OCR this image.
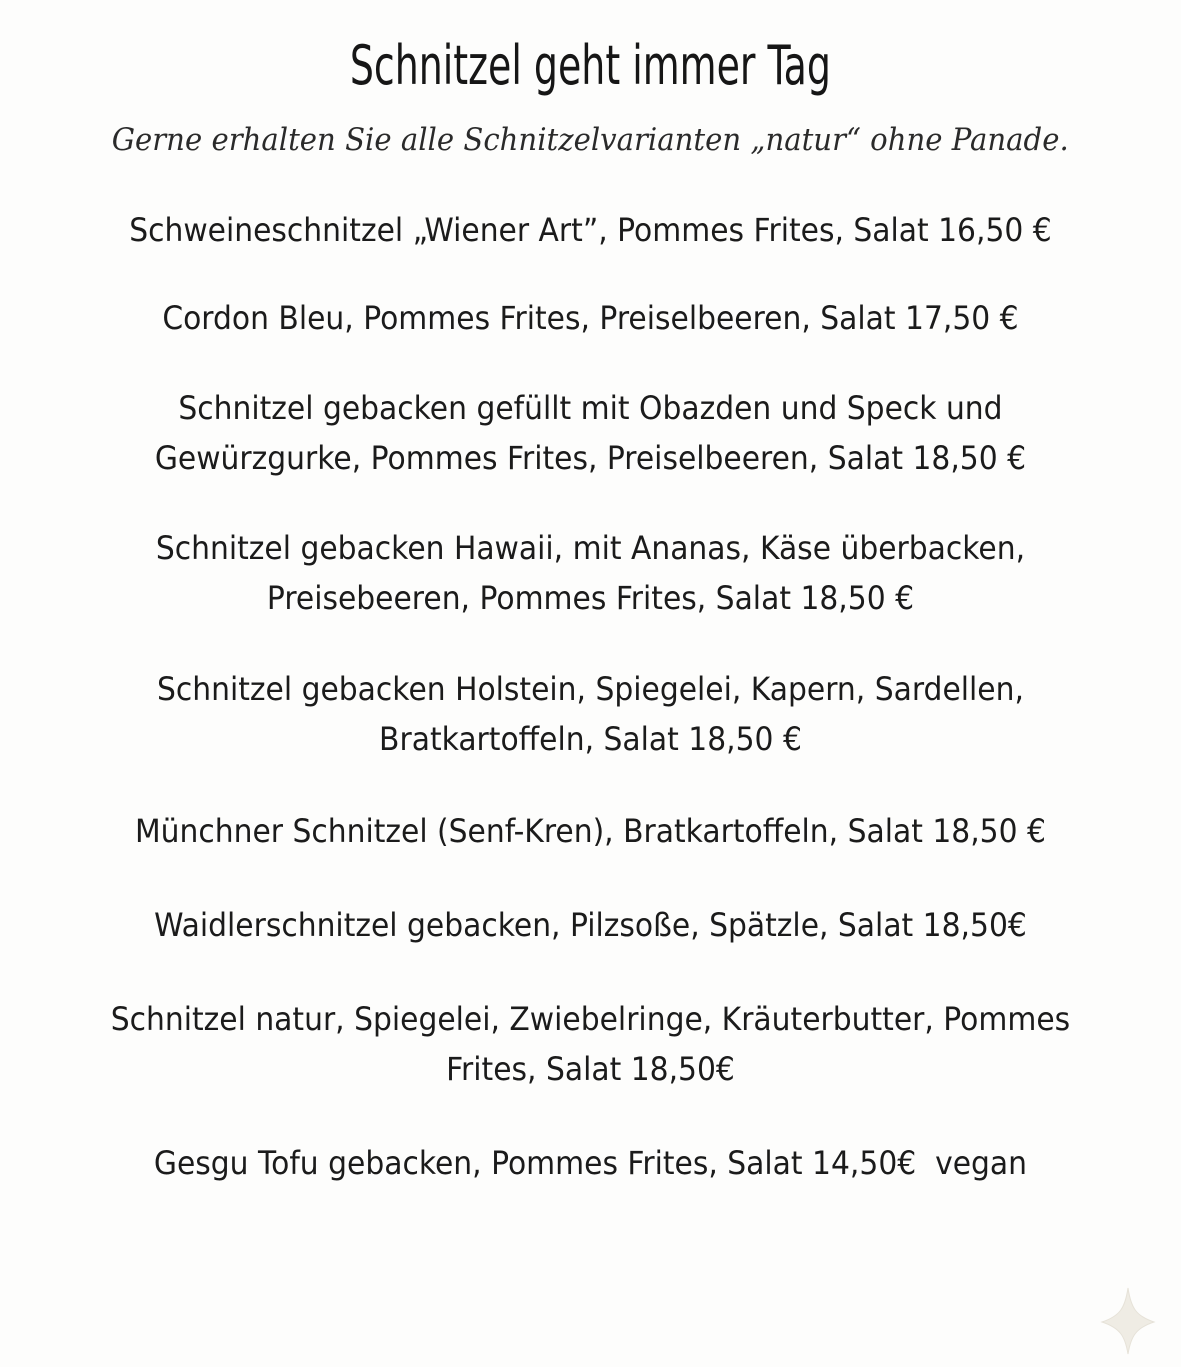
Schnitzel geht immer Tag
Gerne erhalten Sie alle Schnitzelvarianten „natur“ ohne Panade.
Schweineschnitzel „Wiener Art”, Pommes Frites, Salat 16,50 €
Cordon Bleu, Pommes Frites, Preiselbeeren, Salat 17,50 €
Schnitzel gebacken gefüllt mit Obazden und Speck und
Gewürzgurke, Pommes Frites, Preiselbeeren, Salat 18,50 €
Schnitzel gebacken Hawaii, mit Ananas, Käse überbacken,
Preisebeeren, Pommes Frites, Salat 18,50 €
Schnitzel gebacken Holstein, Spiegelei, Kapern, Sardellen,
Bratkartoffeln, Salat 18,50 €
Münchner Schnitzel (Senf-Kren), Bratkartoffeln, Salat 18,50 €
Waidlerschnitzel gebacken, Pilzsoße, Spätzle, Salat 18,50€
Schnitzel natur, Spiegelei, Zwiebelringe, Kräuterbutter, Pommes
Frites, Salat 18,50€
Gesgu Tofu gebacken, Pommes Frites, Salat 14,50€  vegan
